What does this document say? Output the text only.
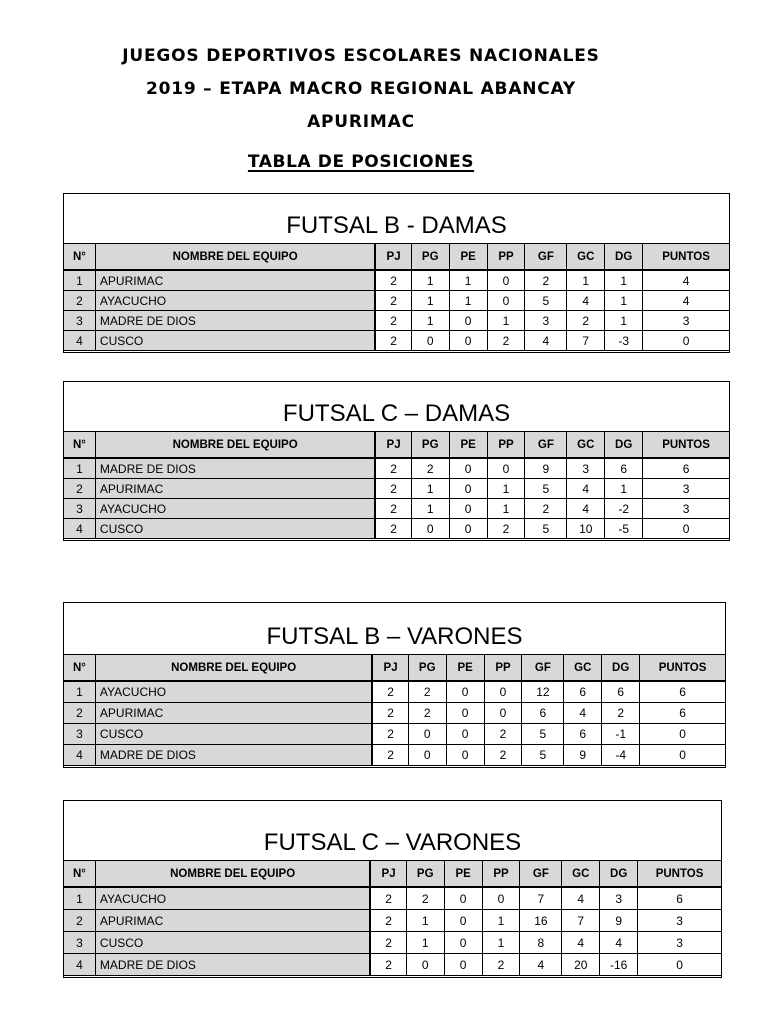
JUEGOS DEPORTIVOS ESCOLARES NACIONALES
2019 – ETAPA MACRO REGIONAL ABANCAY
APURIMAC
TABLA DE POSICIONES
FUTSAL B - DAMAS
N°	NOMBRE DEL EQUIPO	PJ	PG	PE	PP	GF	GC	DG	PUNTOS
1	APURIMAC	2	1	1	0	2	1	1	4
2	AYACUCHO	2	1	1	0	5	4	1	4
3	MADRE DE DIOS	2	1	0	1	3	2	1	3
4	CUSCO	2	0	0	2	4	7	-3	0
FUTSAL C – DAMAS
N°	NOMBRE DEL EQUIPO	PJ	PG	PE	PP	GF	GC	DG	PUNTOS
1	MADRE DE DIOS	2	2	0	0	9	3	6	6
2	APURIMAC	2	1	0	1	5	4	1	3
3	AYACUCHO	2	1	0	1	2	4	-2	3
4	CUSCO	2	0	0	2	5	10	-5	0
FUTSAL B – VARONES
N°	NOMBRE DEL EQUIPO	PJ	PG	PE	PP	GF	GC	DG	PUNTOS
1	AYACUCHO	2	2	0	0	12	6	6	6
2	APURIMAC	2	2	0	0	6	4	2	6
3	CUSCO	2	0	0	2	5	6	-1	0
4	MADRE DE DIOS	2	0	0	2	5	9	-4	0
FUTSAL C – VARONES
N°	NOMBRE DEL EQUIPO	PJ	PG	PE	PP	GF	GC	DG	PUNTOS
1	AYACUCHO	2	2	0	0	7	4	3	6
2	APURIMAC	2	1	0	1	16	7	9	3
3	CUSCO	2	1	0	1	8	4	4	3
4	MADRE DE DIOS	2	0	0	2	4	20	-16	0
